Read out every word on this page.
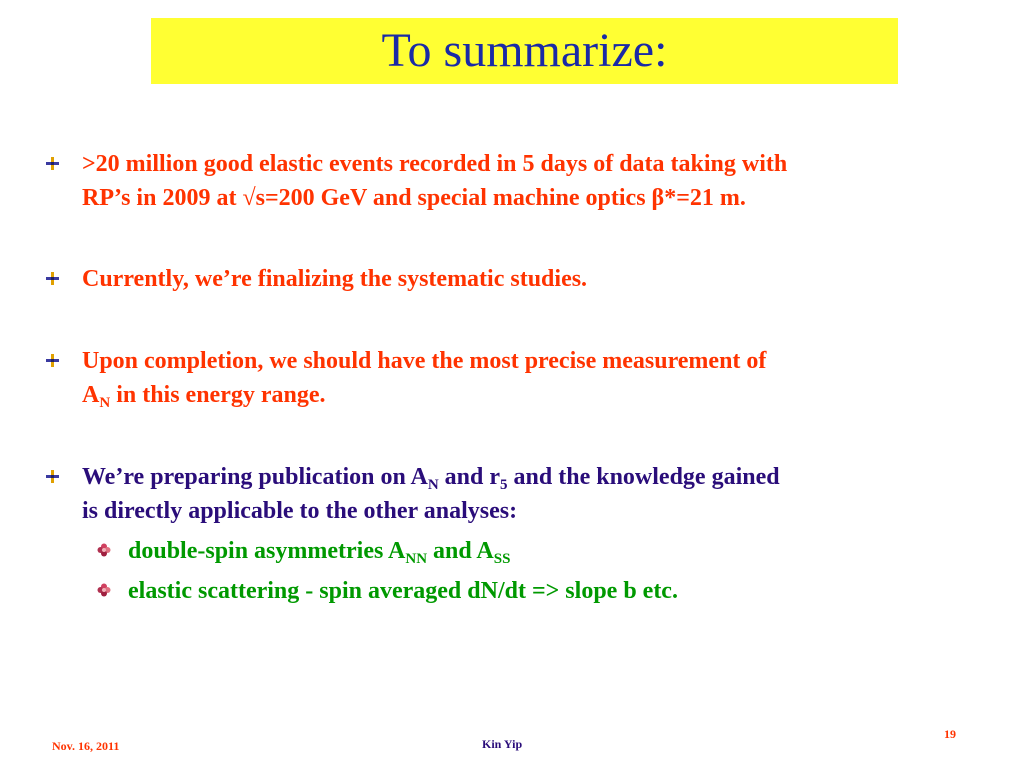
To summarize:
>20 million good elastic events recorded in 5 days of data taking with
RP’s in 2009 at √s=200 GeV and special machine optics β*=21 m.
Currently, we’re finalizing the systematic studies.
Upon completion, we should have the most precise measurement of
$A_N$ in this energy range.
We’re preparing publication on $A_N$ and $r_5$ and the knowledge gained
is directly applicable to the other analyses:
double-spin asymmetries $A_{NN}$ and $A_{SS}$
elastic scattering - spin averaged dN/dt => slope b etc.
Nov. 16, 2011	Kin Yip
19
